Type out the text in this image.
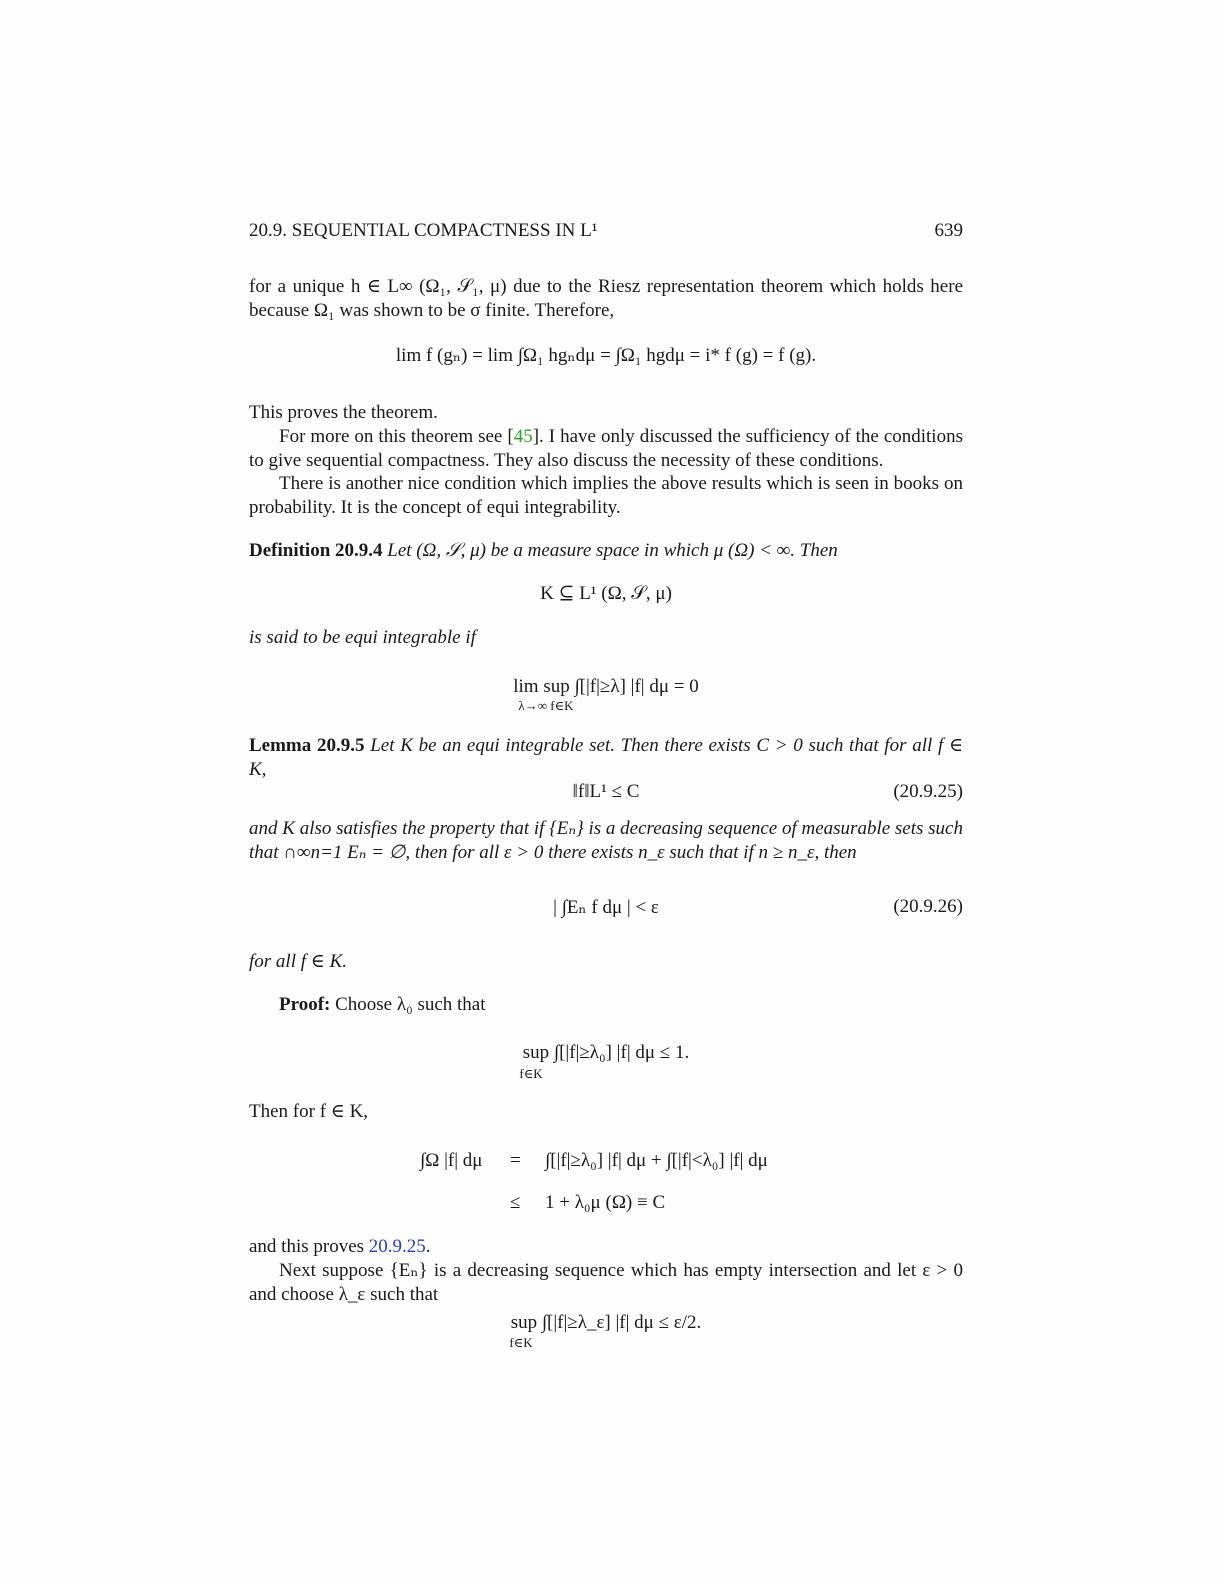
20.9. SEQUENTIAL COMPACTNESS IN L¹	639
for a unique h ∈ L∞ (Ω₁, 𝒮₁, μ) due to the Riesz representation theorem which holds here because Ω₁ was shown to be σ finite. Therefore,
lim f (gₙ) = lim ∫Ω₁ hgₙdμ = ∫Ω₁ hgdμ = i* f (g) = f (g).
This proves the theorem.
For more on this theorem see [45]. I have only discussed the sufficiency of the conditions to give sequential compactness. They also discuss the necessity of these conditions.
There is another nice condition which implies the above results which is seen in books on probability. It is the concept of equi integrability.
Definition 20.9.4 Let (Ω, 𝒮, μ) be a measure space in which μ (Ω) < ∞. Then
K ⊆ L¹ (Ω, 𝒮, μ)
is said to be equi integrable if
lim sup ∫[|f|≥λ] |f| dμ = 0
λ→∞ f∈K
Lemma 20.9.5 Let K be an equi integrable set. Then there exists C > 0 such that for all f ∈ K,
‖f‖L¹ ≤ C	(20.9.25)
and K also satisfies the property that if {Eₙ} is a decreasing sequence of measurable sets such that ∩∞n=1 Eₙ = ∅, then for all ε > 0 there exists n_ε such that if n ≥ n_ε, then
| ∫Eₙ f dμ | < ε	(20.9.26)
for all f ∈ K.
Proof: Choose λ₀ such that
sup ∫[|f|≥λ₀] |f| dμ ≤ 1.
f∈K
Then for f ∈ K,
∫Ω |f| dμ = ∫[|f|≥λ₀] |f| dμ + ∫[|f|<λ₀] |f| dμ
≤ 1 + λ₀μ (Ω) ≡ C
and this proves 20.9.25.
Next suppose {Eₙ} is a decreasing sequence which has empty intersection and let ε > 0 and choose λ_ε such that
sup ∫[|f|≥λ_ε] |f| dμ ≤ ε/2.
f∈K
